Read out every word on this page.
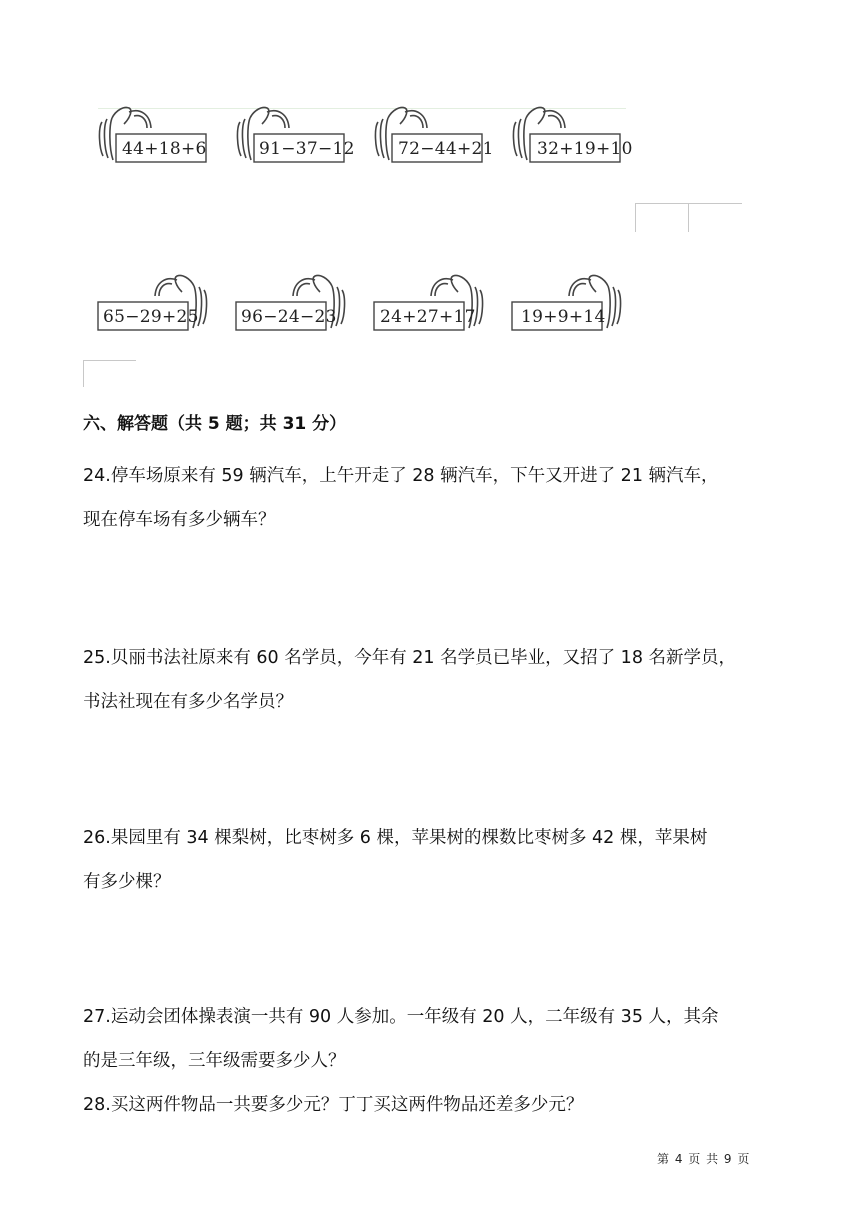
44+18+6	91−37−12	72−44+21	32+19+10
65−29+25 96−24−23	24+27+17	19+9+14
六、解答题（共 5 题；共 31 分）

24.停车场原来有 59 辆汽车，上午开走了 28 辆汽车，下午又开进了 21 辆汽车，

现在停车场有多少辆车？

25.贝丽书法社原来有 60 名学员，今年有 21 名学员已毕业，又招了 18 名新学员，

书法社现在有多少名学员？

26.果园里有 34 棵梨树，比枣树多 6 棵，苹果树的棵数比枣树多 42 棵，苹果树

有多少棵？

27.运动会团体操表演一共有 90 人参加。一年级有 20 人，二年级有 35 人，其余

的是三年级，三年级需要多少人？

28.买这两件物品一共要多少元？丁丁买这两件物品还差多少元？

第 4 页 共 9 页
